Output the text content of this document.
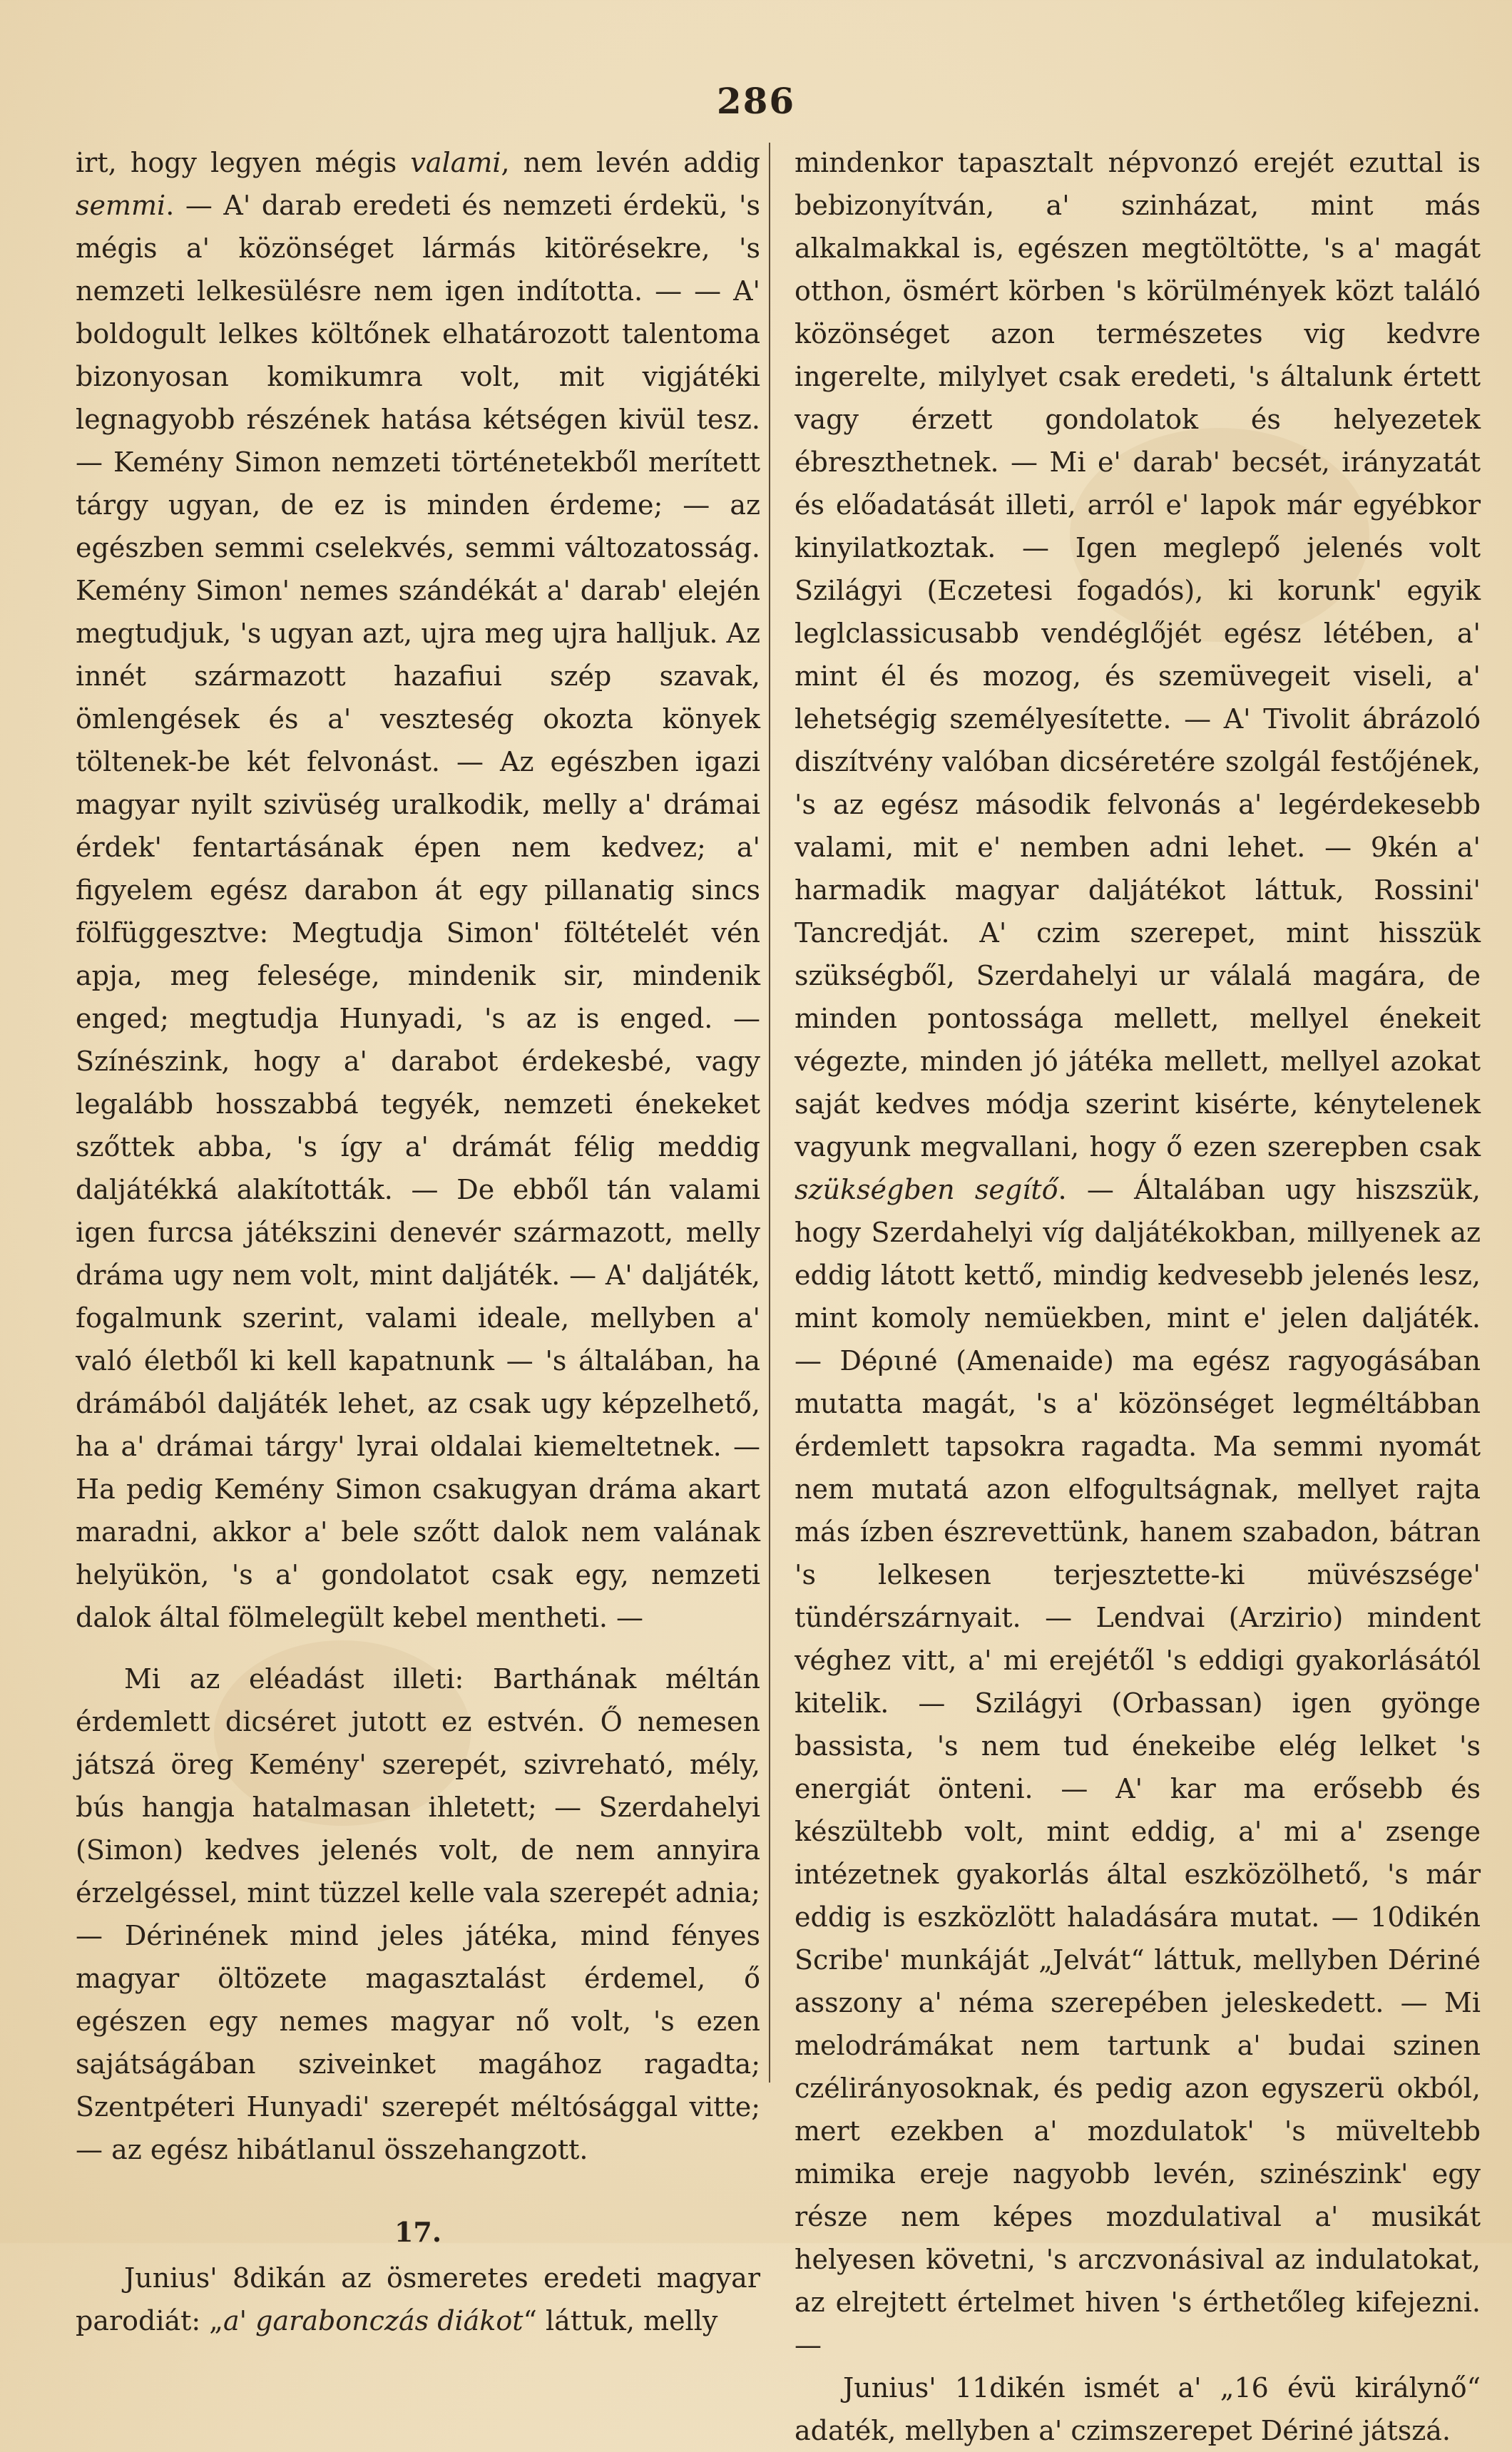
286

irt, hogy legyen mégis valami, nem levén addig semmi. — A' darab eredeti és nemzeti érdekü, 's mégis a' közönséget lármás kitörésekre, 's nemzeti lelkesülésre nem igen indította. — — A' boldogult lelkes költőnek elhatározott talentoma bizonyosan komikumra volt, mit vigjátéki legnagyobb részének hatása kétségen kivül tesz. — Kemény Simon nemzeti történetekből merített tárgy ugyan, de ez is minden érdeme; — az egészben semmi cselekvés, semmi változatosság. Kemény Simon' nemes szándékát a' darab' elején megtudjuk, 's ugyan azt, ujra meg ujra halljuk. Az innét származott hazafiui szép szavak, ömlengések és a' veszteség okozta könyek töltenek-be két felvonást. — Az egészben igazi magyar nyilt szivüség uralkodik, melly a' drámai érdek' fentartásának épen nem kedvez; a' figyelem egész darabon át egy pillanatig sincs fölfüggesztve: Megtudja Simon' föltételét vén apja, meg felesége, mindenik sir, mindenik enged; megtudja Hunyadi, 's az is enged. — Színészink, hogy a' darabot érdekesbé, vagy legalább hosszabbá tegyék, nemzeti énekeket szőttek abba, 's így a' drámát félig meddig daljátékká alakították. — De ebből tán valami igen furcsa játékszini denevér származott, melly dráma ugy nem volt, mint daljáték. — A' daljáték, fogalmunk szerint, valami ideale, mellyben a' való életből ki kell kapatnunk — 's általában, ha drámából daljáték lehet, az csak ugy képzelhető, ha a' drámai tárgy' lyrai oldalai kiemeltetnek. — Ha pedig Kemény Simon csakugyan dráma akart maradni, akkor a' bele szőtt dalok nem valának helyükön, 's a' gondolatot csak egy, nemzeti dalok által fölmelegült kebel mentheti. —

Mi az eléadást illeti: Barthának méltán érdemlett dicséret jutott ez estvén. Ő nemesen játszá öreg Kemény' szerepét, szivreható, mély, bús hangja hatalmasan ihletett; — Szerdahelyi (Simon) kedves jelenés volt, de nem annyira érzelgéssel, mint tüzzel kelle vala szerepét adnia; — Dérinének mind jeles játéka, mind fényes magyar öltözete magasztalást érdemel, ő egészen egy nemes magyar nő volt, 's ezen sajátságában sziveinket magához ragadta; Szentpéteri Hunyadi' szerepét méltósággal vitte; — az egész hibátlanul összehangzott.

17.

Junius' 8dikán az ösmeretes eredeti magyar parodiát: „a' garabonczás diákot“ láttuk, melly

mindenkor tapasztalt népvonzó erejét ezuttal is bebizonyítván, a' szinházat, mint más alkalmakkal is, egészen megtöltötte, 's a' magát otthon, ösmért körben 's körülmények közt találó közönséget azon természetes vig kedvre ingerelte, milylyet csak eredeti, 's általunk értett vagy érzett gondolatok és helyezetek ébreszthetnek. — Mi e' darab' becsét, irányzatát és előadatását illeti, arról e' lapok már egyébkor kinyilatkoztak. — Igen meglepő jelenés volt Szilágyi (Eczetesi fogadós), ki korunk' egyik leglclassicusabb vendéglőjét egész létében, a' mint él és mozog, és szemüvegeit viseli, a' lehetségig személyesítette. — A' Tivolit ábrázoló diszítvény valóban dicséretére szolgál festőjének, 's az egész második felvonás a' legérdekesebb valami, mit e' nemben adni lehet. — 9kén a' harmadik magyar daljátékot láttuk, Rossini' Tancredját. A' czim szerepet, mint hisszük szükségből, Szerdahelyi ur válalá magára, de minden pontossága mellett, mellyel énekeit végezte, minden jó játéka mellett, mellyel azokat saját kedves módja szerint kisérte, kénytelenek vagyunk megvallani, hogy ő ezen szerepben csak szükségben segítő. — Általában ugy hiszszük, hogy Szerdahelyi víg daljátékokban, millyenek az eddig látott kettő, mindig kedvesebb jelenés lesz, mint komoly nemüekben, mint e' jelen daljáték. — Déριné (Amenaide) ma egész ragyogásában mutatta magát, 's a' közönséget legméltábban érdemlett tapsokra ragadta. Ma semmi nyomát nem mutatá azon elfogultságnak, mellyet rajta más ízben észrevettünk, hanem szabadon, bátran 's lelkesen terjesztette-ki müvészsége' tündérszárnyait. — Lendvai (Arzirio) mindent véghez vitt, a' mi erejétől 's eddigi gyakorlásától kitelik. — Szilágyi (Orbassan) igen gyönge bassista, 's nem tud énekeibe elég lelket 's energiát önteni. — A' kar ma erősebb és készültebb volt, mint eddig, a' mi a' zsenge intézetnek gyakorlás által eszközölhető, 's már eddig is eszközlött haladására mutat. — 10dikén Scribe' munkáját „Jelvát“ láttuk, mellyben Dériné asszony a' néma szerepében jeleskedett. — Mi melodrámákat nem tartunk a' budai szinen czélirányosoknak, és pedig azon egyszerü okból, mert ezekben a' mozdulatok' 's müveltebb mimika ereje nagyobb levén, szinészink' egy része nem képes mozdulatival a' musikát helyesen követni, 's arczvonásival az indulatokat, az elrejtett értelmet hiven 's érthetőleg kifejezni. —

Junius' 11dikén ismét a' „16 évü királynő“ adaték, mellyben a' czimszerepet Dériné játszá.
